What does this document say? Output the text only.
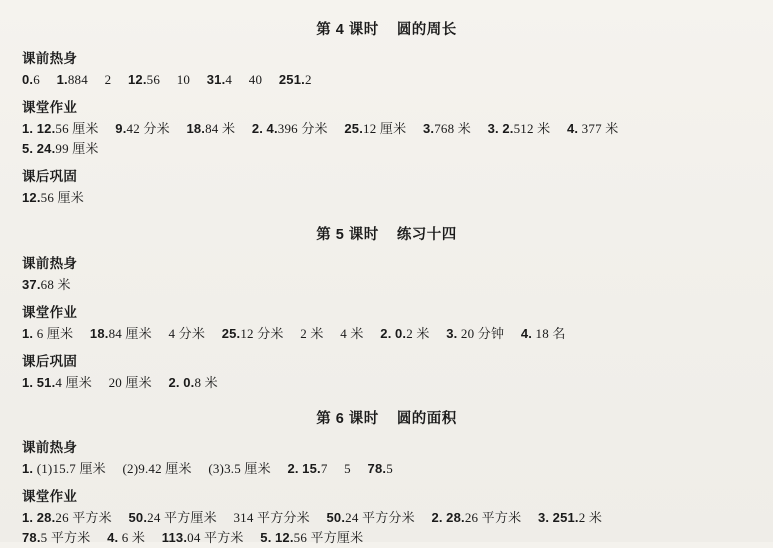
第 4 课时 圆的周长
课前热身
0.6  1.884  2  12.56  10  31.4  40  251.2
课堂作业
1. 12.56 厘米  9.42 分米  18.84 米  2. 4.396 分米  25.12 厘米  3.768 米  3. 2.512 米  4. 377 米
5. 24.99 厘米
课后巩固
12.56 厘米
第 5 课时 练习十四
课前热身
37.68 米
课堂作业
1. 6 厘米  18.84 厘米  4 分米  25.12 分米  2 米  4 米  2. 0.2 米  3. 20 分钟  4. 18 名
课后巩固
1. 51.4 厘米  20 厘米  2. 0.8 米
第 6 课时 圆的面积
课前热身
1. (1)15.7 厘米  (2)9.42 厘米  (3)3.5 厘米  2. 15.7  5  78.5
课堂作业
1. 28.26 平方米  50.24 平方厘米  314 平方分米  50.24 平方分米  2. 28.26 平方米  3. 251.2 米
78.5 平方米  4. 6 米  113.04 平方米  5. 12.56 平方厘米
